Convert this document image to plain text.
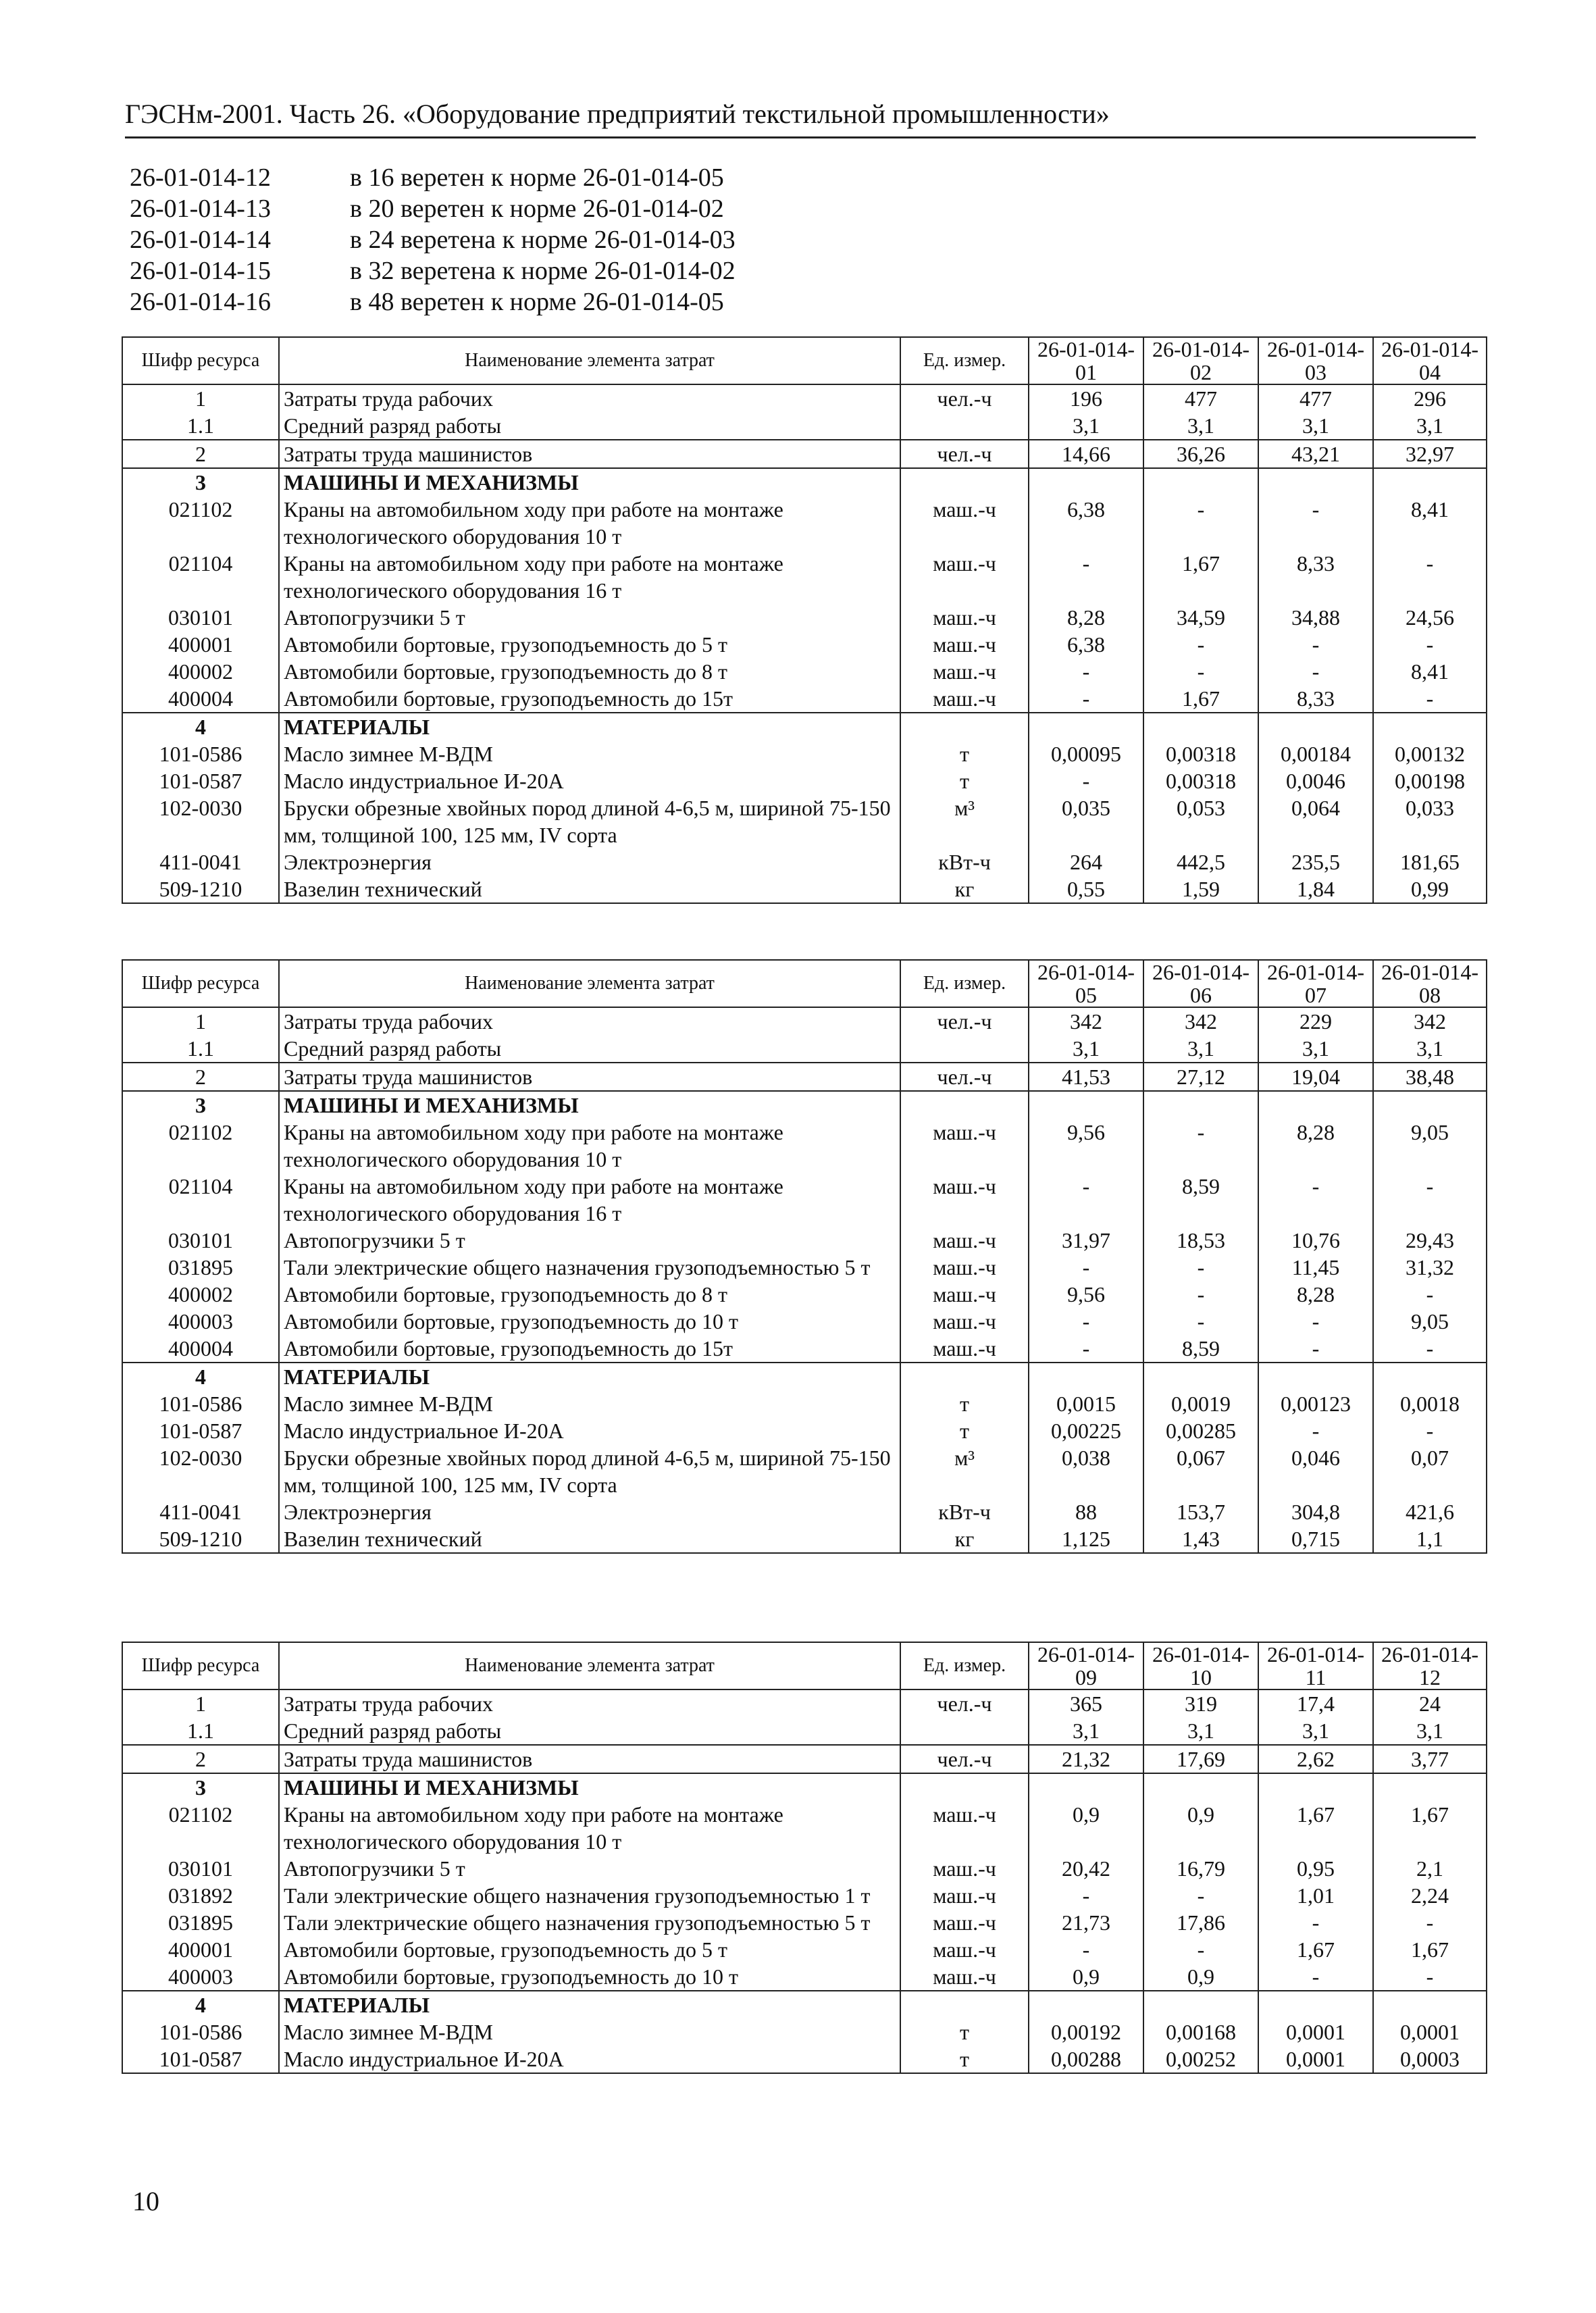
ГЭСНм-2001. Часть 26. «Оборудование предприятий текстильной промышленности»
26-01-014-12	в 16 веретен к норме 26-01-014-05
26-01-014-13	в 20 веретен к норме 26-01-014-02
26-01-014-14	в 24 веретена к норме 26-01-014-03
26-01-014-15	в 32 веретена к норме 26-01-014-02
26-01-014-16	в 48 веретен к норме 26-01-014-05
Шифр ресурса	Наименование элемента затрат	Ед. измер.	26-01-014-01	26-01-014-02	26-01-014-03	26-01-014-04
1	Затраты труда рабочих	чел.-ч	196	477	477	296
1.1	Средний разряд работы		3,1	3,1	3,1	3,1
2	Затраты труда машинистов	чел.-ч	14,66	36,26	43,21	32,97
3	МАШИНЫ И МЕХАНИЗМЫ					
021102	Краны на автомобильном ходу при работе на монтаже технологического оборудования 10 т	маш.-ч	6,38	-	-	8,41
021104	Краны на автомобильном ходу при работе на монтаже технологического оборудования 16 т	маш.-ч	-	1,67	8,33	-
030101	Автопогрузчики 5 т	маш.-ч	8,28	34,59	34,88	24,56
400001	Автомобили бортовые, грузоподъемность до 5 т	маш.-ч	6,38	-	-	-
400002	Автомобили бортовые, грузоподъемность до 8 т	маш.-ч	-	-	-	8,41
400004	Автомобили бортовые, грузоподъемность до 15т	маш.-ч	-	1,67	8,33	-
4	МАТЕРИАЛЫ					
101-0586	Масло зимнее М-ВДМ	т	0,00095	0,00318	0,00184	0,00132
101-0587	Масло индустриальное И-20А	т	-	0,00318	0,0046	0,00198
102-0030	Бруски обрезные хвойных пород длиной 4-6,5 м, шириной 75-150 мм, толщиной 100, 125 мм, IV сорта	м³	0,035	0,053	0,064	0,033
411-0041	Электроэнергия	кВт-ч	264	442,5	235,5	181,65
509-1210	Вазелин технический	кг	0,55	1,59	1,84	0,99
Шифр ресурса	Наименование элемента затрат	Ед. измер.	26-01-014-05	26-01-014-06	26-01-014-07	26-01-014-08
1	Затраты труда рабочих	чел.-ч	342	342	229	342
1.1	Средний разряд работы		3,1	3,1	3,1	3,1
2	Затраты труда машинистов	чел.-ч	41,53	27,12	19,04	38,48
3	МАШИНЫ И МЕХАНИЗМЫ					
021102	Краны на автомобильном ходу при работе на монтаже технологического оборудования 10 т	маш.-ч	9,56	-	8,28	9,05
021104	Краны на автомобильном ходу при работе на монтаже технологического оборудования 16 т	маш.-ч	-	8,59	-	-
030101	Автопогрузчики 5 т	маш.-ч	31,97	18,53	10,76	29,43
031895	Тали электрические общего назначения грузоподъемностью 5 т	маш.-ч	-	-	11,45	31,32
400002	Автомобили бортовые, грузоподъемность до 8 т	маш.-ч	9,56	-	8,28	-
400003	Автомобили бортовые, грузоподъемность до 10 т	маш.-ч	-	-	-	9,05
400004	Автомобили бортовые, грузоподъемность до 15т	маш.-ч	-	8,59	-	-
4	МАТЕРИАЛЫ					
101-0586	Масло зимнее М-ВДМ	т	0,0015	0,0019	0,00123	0,0018
101-0587	Масло индустриальное И-20А	т	0,00225	0,00285	-	-
102-0030	Бруски обрезные хвойных пород длиной 4-6,5 м, шириной 75-150 мм, толщиной 100, 125 мм, IV сорта	м³	0,038	0,067	0,046	0,07
411-0041	Электроэнергия	кВт-ч	88	153,7	304,8	421,6
509-1210	Вазелин технический	кг	1,125	1,43	0,715	1,1
Шифр ресурса	Наименование элемента затрат	Ед. измер.	26-01-014-09	26-01-014-10	26-01-014-11	26-01-014-12
1	Затраты труда рабочих	чел.-ч	365	319	17,4	24
1.1	Средний разряд работы		3,1	3,1	3,1	3,1
2	Затраты труда машинистов	чел.-ч	21,32	17,69	2,62	3,77
3	МАШИНЫ И МЕХАНИЗМЫ					
021102	Краны на автомобильном ходу при работе на монтаже технологического оборудования 10 т	маш.-ч	0,9	0,9	1,67	1,67
030101	Автопогрузчики 5 т	маш.-ч	20,42	16,79	0,95	2,1
031892	Тали электрические общего назначения грузоподъемностью 1 т	маш.-ч	-	-	1,01	2,24
031895	Тали электрические общего назначения грузоподъемностью 5 т	маш.-ч	21,73	17,86	-	-
400001	Автомобили бортовые, грузоподъемность до 5 т	маш.-ч	-	-	1,67	1,67
400003	Автомобили бортовые, грузоподъемность до 10 т	маш.-ч	0,9	0,9	-	-
4	МАТЕРИАЛЫ					
101-0586	Масло зимнее М-ВДМ	т	0,00192	0,00168	0,0001	0,0001
101-0587	Масло индустриальное И-20А	т	0,00288	0,00252	0,0001	0,0003
10
